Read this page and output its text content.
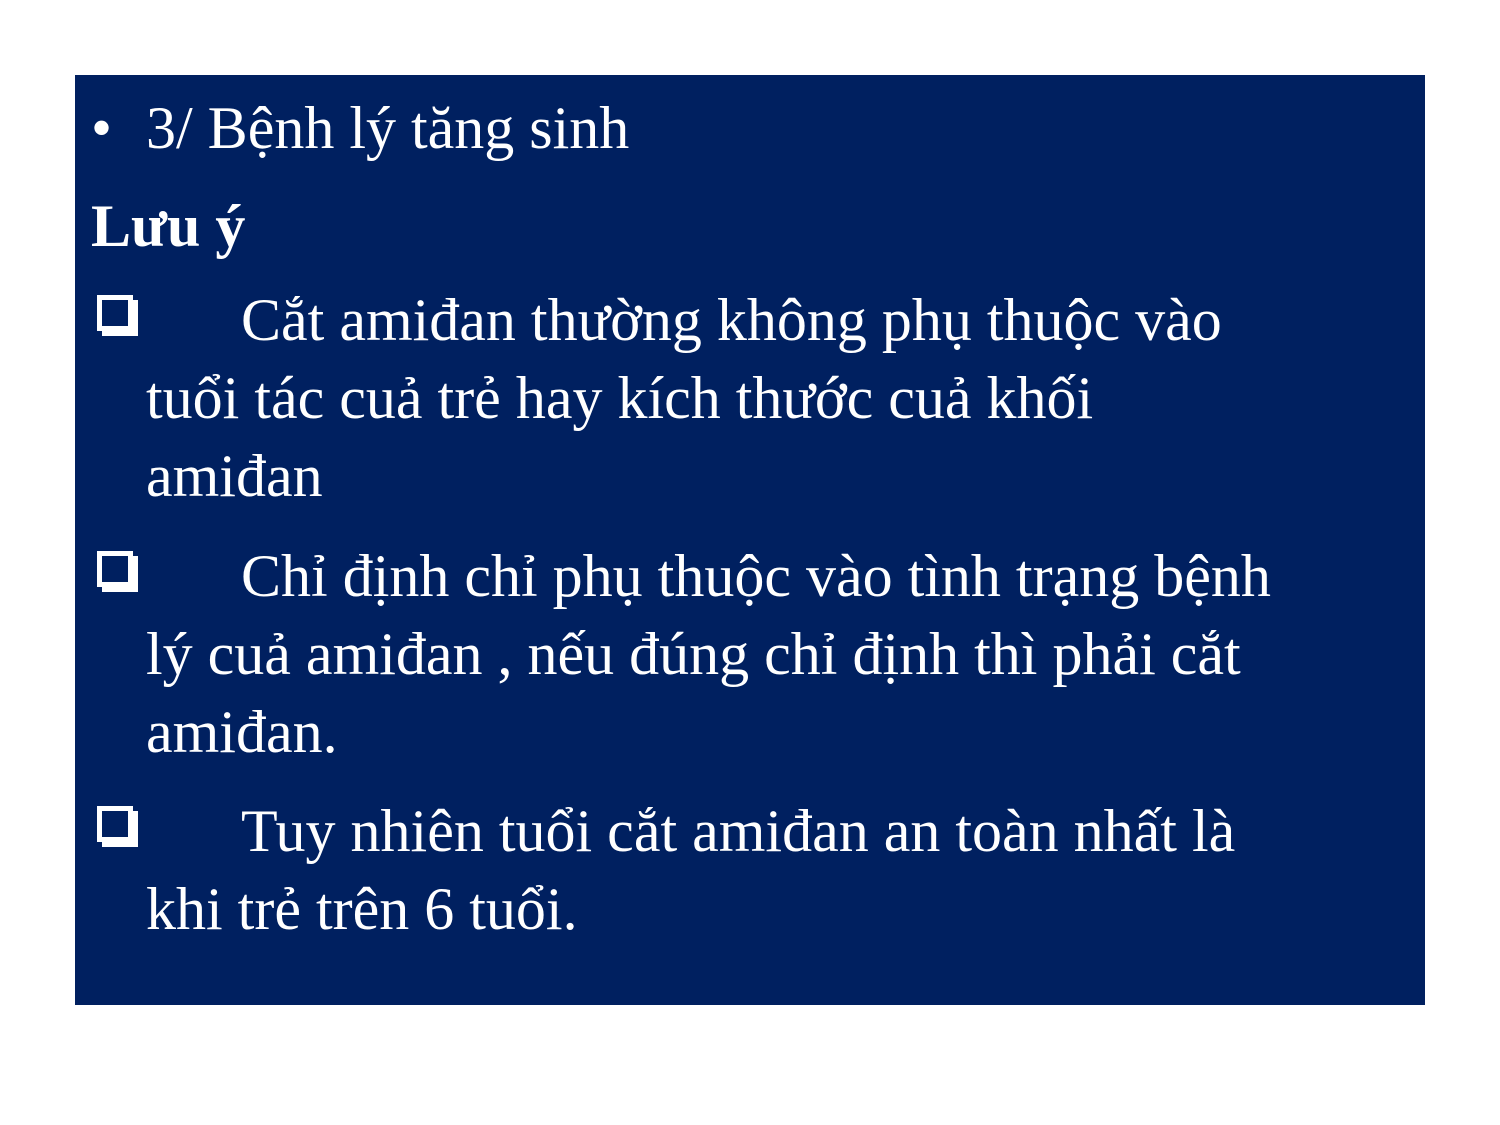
• 3/ Bệnh lý tăng sinh

Lưu ý

Cắt amiđan thường không phụ thuộc vào

tuổi tác cuả trẻ hay kích thước cuả khối

amiđan

Chỉ định chỉ phụ thuộc vào tình trạng bệnh

lý cuả amiđan , nếu đúng chỉ định thì phải cắt

amiđan.

Tuy nhiên tuổi cắt amiđan an toàn nhất là

khi trẻ trên 6 tuổi.
